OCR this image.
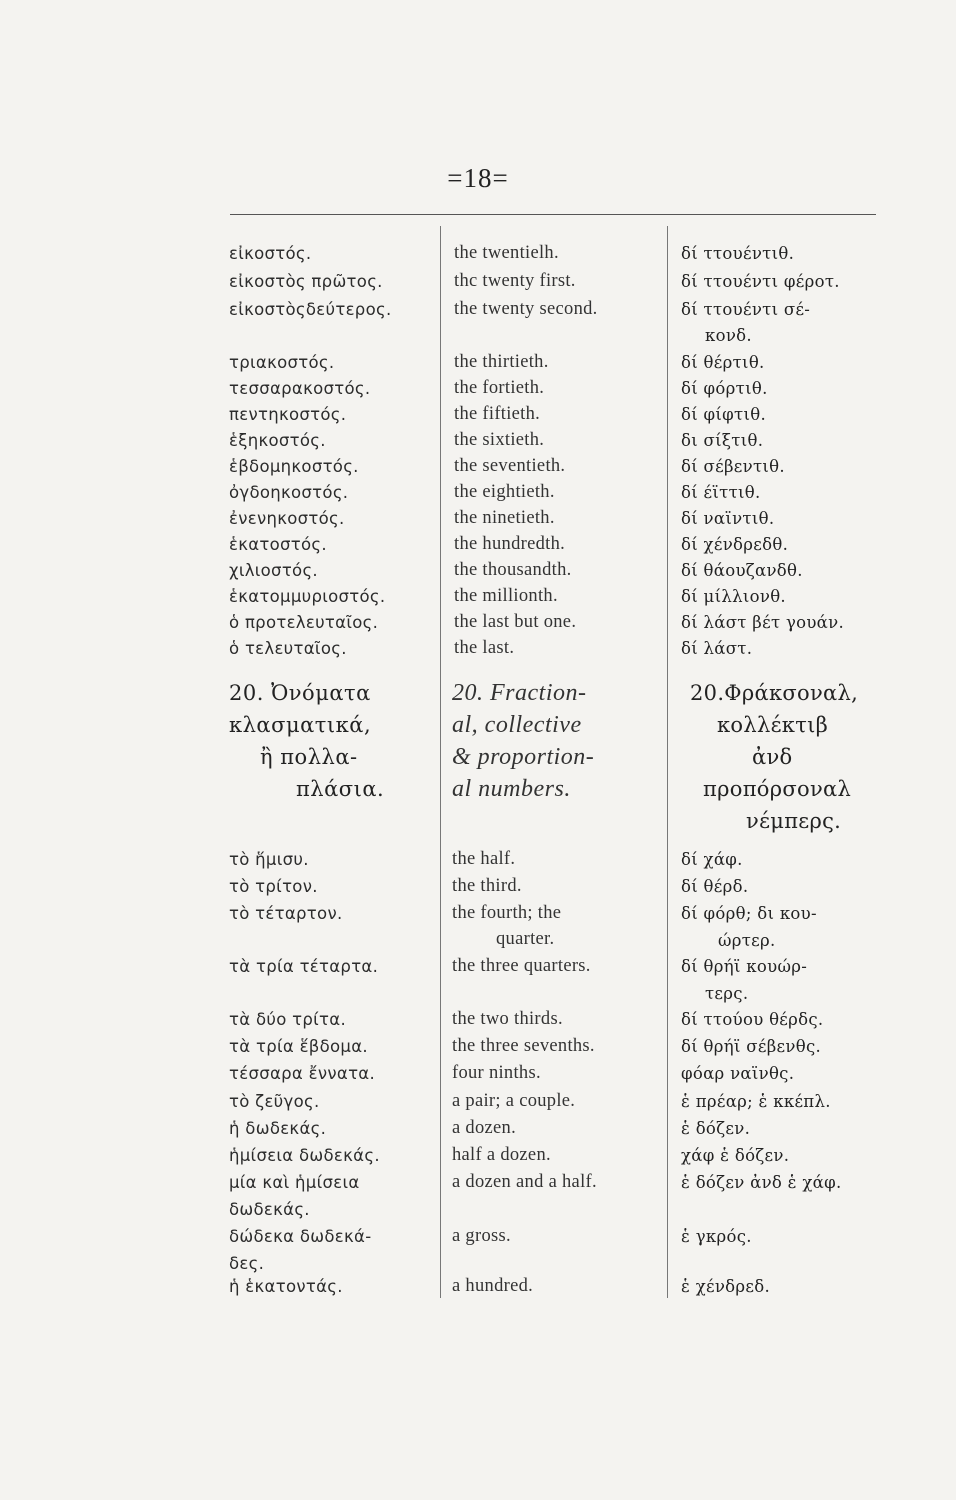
=18=
εἰκοστός.
εἰκοστὸς πρῶτος.
εἰκοστὸςδεύτερος.
τριακοστός.
τεσσαρακοστός.
πεντηκοστός.
ἑξηκοστός.
ἑβδομηκοστός.
ὀγδοηκοστός.
ἐνενηκοστός.
ἑκατοστός.
χιλιοστός.
ἑκατομμυριοστός.
ὁ προτελευταῖος.
ὁ τελευταῖος.
20. Ὀνόματα
κλασματικά,
ἢ πολλα-
πλάσια.
τὸ ἥμισυ.
τὸ τρίτον.
τὸ τέταρτον.
τὰ τρία τέταρτα.
τὰ δύο τρίτα.
τὰ τρία ἕβδομα.
τέσσαρα ἔννατα.
τὸ ζεῦγος.
ἡ δωδεκάς.
ἡμίσεια δωδεκάς.
μία καὶ ἡμίσεια
δωδεκάς.
δώδεκα δωδεκά-
δες.
ἡ ἑκατοντάς.
the twentielh.
thc twenty first.
the twenty second.
the thirtieth.
the fortieth.
the fiftieth.
the sixtieth.
the seventieth.
the eightieth.
the ninetieth.
the hundredth.
the thousandth.
the millionth.
the last but one.
the last.
20. Fraction-
al, collective
& proportion-
al numbers.
the half.
the third.
the fourth; the
quarter.
the three quarters.
the two thirds.
the three sevenths.
four ninths.
a pair; a couple.
a dozen.
half a dozen.
a dozen and a half.
a gross.
a hundred.
δί ττουέντιθ.
δί ττουέντι φέροτ.
δί ττουέντι σέ-
κονδ.
δί θέρτιθ.
δί φόρτιθ.
δί φίφτιθ.
δι σίξτιθ.
δί σέβεντιθ.
δί έϊττιθ.
δί ναϊντιθ.
δί χένδρεδθ.
δί θάουζανδθ.
δί μίλλιονθ.
δί λάστ βέτ γουάν.
δί λάστ.
20.Φράκσοναλ,
κολλέκτιβ
ἀνδ
προπόρσοναλ
νέμπερς.
δί χάφ.
δί θέρδ.
δί φόρθ; δι κου-
ώρτερ.
δί θρήϊ κουώρ-
τερς.
δί ττούου θέρδς.
δί θρήϊ σέβενθς.
φόαρ ναϊνθς.
ἑ πρέαρ; ἑ κκέπλ.
ἑ δόζεν.
χάφ ἑ δόζεν.
ἑ δόζεν ἀνδ ἑ χάφ.
ἑ γκρός.
ἑ χένδρεδ.
